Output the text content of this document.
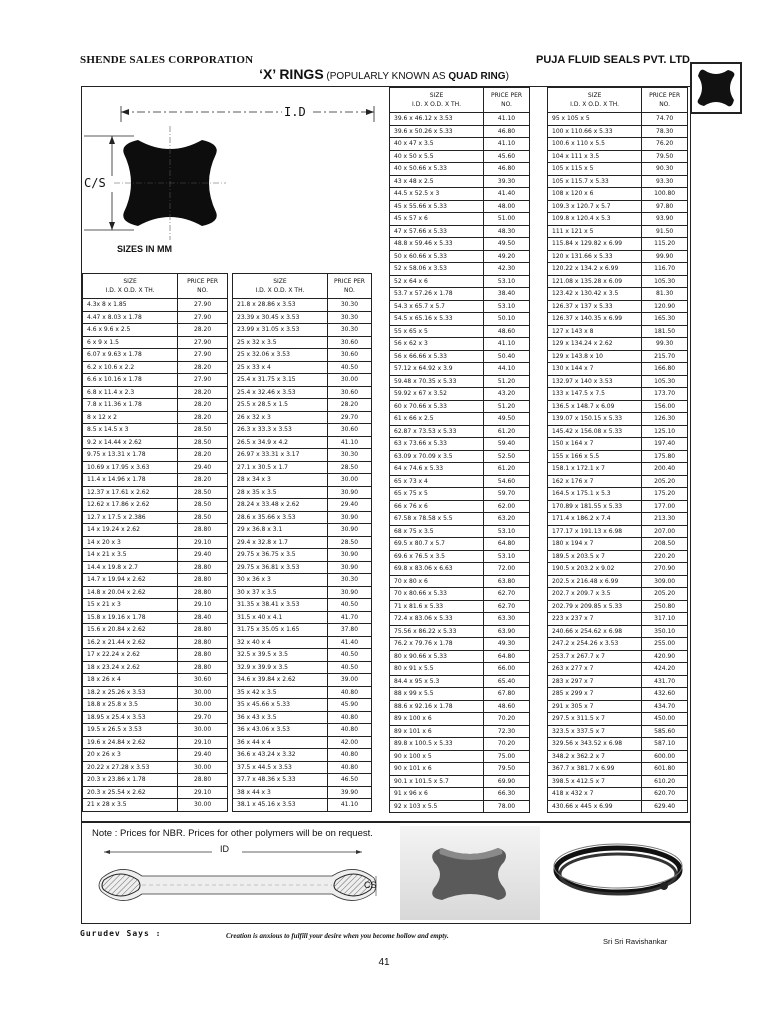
SHENDE SALES CORPORATION	PUJA FLUID SEALS PVT. LTD
‘X’ RINGS (POPULARLY KNOWN AS QUAD RING)
I.D
C/S
SIZES IN MM
SIZE
I.D. X O.D. X TH.	PRICE PER
NO.
4.3x 8 x 1.85	27.90
4.47 x 8.03 x 1.78	27.90
4.6 x 9.6 x 2.5	28.20
6 x 9 x 1.5	27.90
6.07 x 9.63 x 1.78	27.90
6.2 x 10.6 x 2.2	28.20
6.6 x 10.16 x 1.78	27.90
6.8 x 11.4 x 2.3	28.20
7.8 x 11.36 x 1.78	28.20
8 x 12 x 2	28.20
8.5 x 14.5 x 3	28.50
9.2 x 14.44 x 2.62	28.50
9.75 x 13.31 x 1.78	28.20
10.69 x 17.95 x 3.63	29.40
11.4 x 14.96 x 1.78	28.20
12.37 x 17.61 x 2.62	28.50
12.62 x 17.86 x 2.62	28.50
12.7 x 17.5 x 2.386	28.50
14 x 19.24 x 2.62	28.80
14 x 20 x 3	29.10
14 x 21 x 3.5	29.40
14.4 x 19.8 x 2.7	28.80
14.7 x 19.94 x 2.62	28.80
14.8 x 20.04 x 2.62	28.80
15 x 21 x 3	29.10
15.8 x 19.16 x 1.78	28.40
15.6 x 20.84 x 2.62	28.80
16.2 x 21.44 x 2.62	28.80
17 x 22.24 x 2.62	28.80
18 x 23.24 x 2.62	28.80
18 x 26 x 4	30.60
18.2 x 25.26 x 3.53	30.00
18.8 x 25.8 x 3.5	30.00
18.95 x 25.4 x 3.53	29.70
19.5 x 26.5 x 3.53	30.00
19.6 x 24.84 x 2.62	29.10
20 x 26 x 3	29.40
20.22 x 27.28 x 3.53	30.00
20.3 x 23.86 x 1.78	28.80
20.3 x 25.54 x 2.62	29.10
21 x 28 x 3.5	30.00
SIZE
I.D. X O.D. X TH.	PRICE PER
NO.
21.8 x 28.86 x 3.53	30.30
23.39 x 30.45 x 3.53	30.30
23.99 x 31.05 x 3.53	30.30
25 x 32 x 3.5	30.60
25 x 32.06 x 3.53	30.60
25 x 33 x 4	40.50
25.4 x 31.75 x 3.15	30.00
25.4 x 32.46 x 3.53	30.60
25.5 x 28.5 x 1.5	28.20
26 x 32 x 3	29.70
26.3 x 33.3 x 3.53	30.60
26.5 x 34.9 x 4.2	41.10
26.97 x 33.31 x 3.17	30.30
27.1 x 30.5 x 1.7	28.50
28 x 34 x 3	30.00
28 x 35 x 3.5	30.90
28.24 x 33.48 x 2.62	29.40
28.6 x 35.66 x 3.53	30.90
29 x 36.8 x 3.1	30.90
29.4 x 32.8 x 1.7	28.50
29.75 x 36.75 x 3.5	30.90
29.75 x 36.81 x 3.53	30.90
30 x 36 x 3	30.30
30 x 37 x 3.5	30.90
31.35 x 38.41 x 3.53	40.50
31.5 x 40 x 4.1	41.70
31.75 x 35.05 x 1.65	37.80
32 x 40 x 4	41.40
32.5 x 39.5 x 3.5	40.50
32.9 x 39.9 x 3.5	40.50
34.6 x 39.84 x 2.62	39.00
35 x 42 x 3.5	40.80
35 x 45.66 x 5.33	45.90
36 x 43 x 3.5	40.80
36 x 43.06 x 3.53	40.80
36 x 44 x 4	42.00
36.6 x 43.24 x 3.32	40.80
37.5 x 44.5 x 3.53	40.80
37.7 x 48.36 x 5.33	46.50
38 x 44 x 3	39.90
38.1 x 45.16 x 3.53	41.10
SIZE
I.D. X O.D. X TH.	PRICE PER
NO.
39.6 x 46.12 x 3.53	41.10
39.6 x 50.26 x 5.33	46.80
40 x 47 x 3.5	41.10
40 x 50 x 5.5	45.60
40 x 50.66 x 5.33	46.80
43 x 48 x 2.5	39.30
44.5 x 52.5 x 3	41.40
45 x 55.66 x 5.33	48.00
45 x 57 x 6	51.00
47 x 57.66 x 5.33	48.30
48.8 x 59.46 x 5.33	49.50
50 x 60.66 x 5.33	49.20
52 x 58.06 x 3.53	42.30
52 x 64 x 6	53.10
53.7 x 57.26 x 1.78	38.40
54.3 x 65.7 x 5.7	53.10
54.5 x 65.16 x 5.33	50.10
55 x 65 x 5	48.60
56 x 62 x 3	41.10
56 x 66.66 x 5.33	50.40
57.12 x 64.92 x 3.9	44.10
59.48 x 70.35 x 5.33	51.20
59.92 x 67 x 3.52	43.20
60 x 70.66 x 5.33	51.20
61 x 66 x 2.5	49.50
62.87 x 73.53 x 5.33	61.20
63 x 73.66 x 5.33	59.40
63.09 x 70.09 x 3.5	52.50
64 x 74.6 x 5.33	61.20
65 x 73 x 4	54.60
65 x 75 x 5	59.70
66 x 76 x 6	62.00
67.58 x 78.58 x 5.5	63.20
68 x 75 x 3.5	53.10
69.5 x 80.7 x 5.7	64.80
69.6 x 76.5 x 3.5	53.10
69.8 x 83.06 x 6.63	72.00
70 x 80 x 6	63.80
70 x 80.66 x 5.33	62.70
71 x 81.6 x 5.33	62.70
72.4 x 83.06 x 5.33	63.30
75.56 x 86.22 x 5.33	63.90
76.2 x 79.76 x 1.78	49.30
80 x 90.66 x 5.33	64.80
80 x 91 x 5.5	66.00
84.4 x 95 x 5.3	65.40
88 x 99 x 5.5	67.80
88.6 x 92.16 x 1.78	48.60
89 x 100 x 6	70.20
89 x 101 x 6	72.30
89.8 x 100.5 x 5.33	70.20
90 x 100 x 5	75.00
90 x 101 x 6	79.50
90.1 x 101.5 x 5.7	69.90
91 x 96 x 6	66.30
92 x 103 x 5.5	78.00
SIZE
I.D. X O.D. X TH.	PRICE PER
NO.
95 x 105 x 5	74.70
100 x 110.66 x 5.33	78.30
100.6 x 110 x 5.5	76.20
104 x 111 x 3.5	79.50
105 x 115 x 5	90.30
105 x 115.7 x 5.33	93.30
108 x 120 x 6	100.80
109.3 x 120.7 x 5.7	97.80
109.8 x 120.4 x 5.3	93.90
111 x 121 x 5	91.50
115.84 x 129.82 x 6.99	115.20
120 x 131.66 x 5.33	99.90
120.22 x 134.2 x 6.99	116.70
121.08 x 135.28 x 6.09	105.30
123.42 x 130.42 x 3.5	81.30
126.37 x 137 x 5.33	120.90
126.37 x 140.35 x 6.99	165.30
127 x 143 x 8	181.50
129 x 134.24 x 2.62	99.30
129 x 143.8 x 10	215.70
130 x 144 x 7	166.80
132.97 x 140 x 3.53	105.30
133 x 147.5 x 7.5	173.70
136.5 x 148.7 x 6.09	156.00
139.07 x 150.15 x 5.33	126.30
145.42 x 156.08 x 5.33	125.10
150 x 164 x 7	197.40
155 x 166 x 5.5	175.80
158.1 x 172.1 x 7	200.40
162 x 176 x 7	205.20
164.5 x 175.1 x 5.3	175.20
170.89 x 181.55 x 5.33	177.00
171.4 x 186.2 x 7.4	213.30
177.17 x 191.13 x 6.98	207.00
180 x 194 x 7	208.50
189.5 x 203.5 x 7	220.20
190.5 x 203.2 x 9.02	270.90
202.5 x 216.48 x 6.99	309.00
202.7 x 209.7 x 3.5	205.20
202.79 x 209.85 x 5.33	250.80
223 x 237 x 7	317.10
240.66 x 254.62 x 6.98	350.10
247.2 x 254.26 x 3.53	255.00
253.7 x 267.7 x 7	420.90
263 x 277 x 7	424.20
283 x 297 x 7	431.70
285 x 299 x 7	432.60
291 x 305 x 7	434.70
297.5 x 311.5 x 7	450.00
323.5 x 337.5 x 7	585.60
329.56 x 343.52 x 6.98	587.10
348.2 x 362.2 x 7	600.00
367.7 x 381.7 x 6.99	601.80
398.5 x 412.5 x 7	610.20
418 x 432 x 7	620.70
430.66 x 445 x 6.99	629.40
Note : Prices for NBR. Prices for other polymers will be on request.
ID
CS
Gurudev Says :	Creation is anxious to fulfill your desire when you become hollow and empty.
Sri Sri Ravishankar
41
